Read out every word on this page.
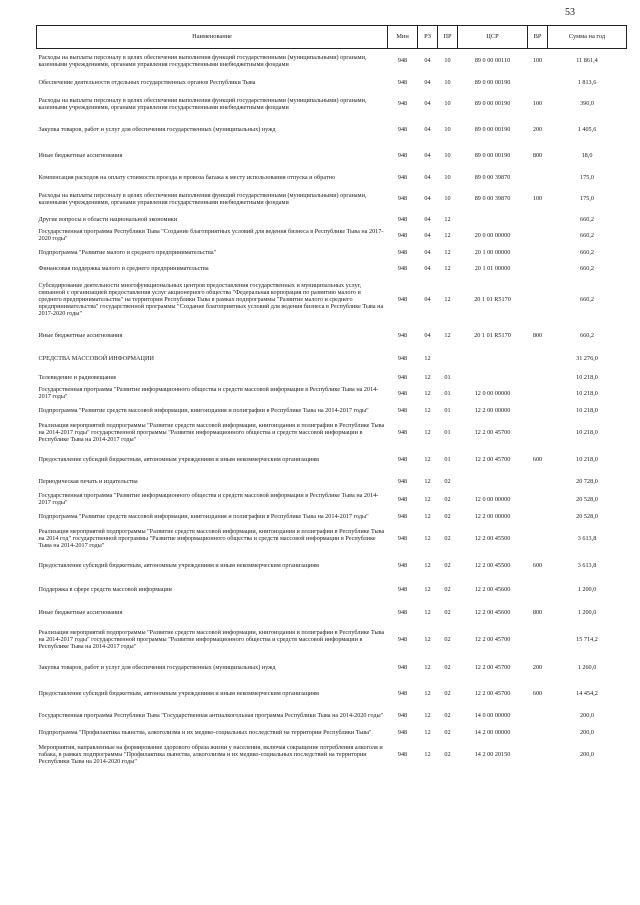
53
Наименование	Мин	РЗ	ПР	ЦСР	ВР	Сумма на год
Расходы на выплаты персоналу в целях обеспечения выполнения функций государственными (муниципальными) органами, казенными учреждениями, органами управления государственными внебюджетными фондами	948	04	10	89 0 00 00110	100	11 861,4
Обеспечение деятельности отдельных государственных органов Республики Тыва	948	04	10	89 0 00 00190		1 813,6
Расходы на выплаты персоналу в целях обеспечения выполнения функций государственными (муниципальными) органами, казенными учреждениями, органами управления государственными внебюджетными фондами	948	04	10	89 0 00 00190	100	390,0
Закупка товаров, работ и услуг для обеспечения государственных (муниципальных) нужд	948	04	10	89 0 00 00190	200	1 405,6
Иные бюджетные ассигнования	948	04	10	89 0 00 00190	800	18,0
Компенсация расходов на оплату стоимости проезда и провоза багажа к месту использования отпуска и обратно	948	04	10	89 0 00 39870		175,0
Расходы на выплаты персоналу в целях обеспечения выполнения функций государственными (муниципальными) органами, казенными учреждениями, органами управления государственными внебюджетными фондами	948	04	10	89 0 00 39870	100	175,0
Другие вопросы в области национальной экономики	948	04	12			660,2
Государственная программа Республики Тыва "Создание благоприятных условий для ведения бизнеса в Республике Тыва на 2017-2020 годы"	948	04	12	20 0 00 00000		660,2
Подпрограмма "Развитие малого и среднего предпринимательства"	948	04	12	20 1 00 00000		660,2
Финансовая поддержка малого и среднего предпринимательства	948	04	12	20 1 01 00000		660,2
Субсидирование деятельности многофункциональных центров предоставления государственных и муниципальных услуг, связанной с организацией предоставления услуг акционерного общества "Федеральная корпорация по развитию малого и среднего предпринимательства" на территории Республики Тыва в рамках подпрограммы "Развитие малого и среднего предпринимательства" государственной программы "Создание благоприятных условий для ведения бизнеса в Республике Тыва на 2017-2020 годы"	948	04	12	20 1 01 R5170		660,2
Иные бюджетные ассигнования	948	04	12	20 1 01 R5170	800	660,2
СРЕДСТВА МАССОВОЙ ИНФОРМАЦИИ	948	12				31 276,0
Телевидение и радиовещание	948	12	01			10 218,0
Государственная программа "Развитие информационного общества и средств массовой информации в Республике Тыва на 2014-2017 годы"	948	12	01	12 0 00 00000		10 218,0
Подпрограмма "Развитие средств массовой информации, книгоиздания и полиграфии в Республике Тыва на 2014-2017 годы"	948	12	01	12 2 00 00000		10 218,0
Реализация мероприятий подпрограммы "Развитие средств массовой информации, книгоиздания и полиграфии в Республике Тыва на 2014-2017 годы" государственной программы "Развитие информационного общества и средств массовой информации в Республике Тыва на 2014-2017 годы"	948	12	01	12 2 00 45700		10 218,0
Предоставление субсидий бюджетным, автономным учреждениям и иным некоммерческим организациям	948	12	01	12 2 00 45700	600	10 218,0
Периодическая печать и издательства	948	12	02			20 728,0
Государственная программа "Развитие информационного общества и средств массовой информации в Республике Тыва на 2014-2017 годы"	948	12	02	12 0 00 00000		20 528,0
Подпрограмма "Развитие средств массовой информации, книгоиздания и полиграфии в Республике Тыва на 2014-2017 годы"	948	12	02	12 2 00 00000		20 528,0
Реализация мероприятий подпрограммы "Развитие средств массовой информации, книгоиздания и полиграфии в Республике Тыва на 2014 год" государственной программы "Развитие информационного общества и средств массовой информации в Республике Тыва на 2014-2017 годы"	948	12	02	12 2 00 45500		3 613,8
Предоставление субсидий бюджетным, автономным учреждениям и иным некоммерческим организациям	948	12	02	12 2 00 45500	600	3 613,8
Поддержка в сфере средств массовой информации	948	12	02	12 2 00 45600		1 200,0
Иные бюджетные ассигнования	948	12	02	12 2 00 45600	800	1 200,0
Реализация мероприятий подпрограммы "Развитие средств массовой информации, книгоиздания и полиграфии в Республике Тыва на 2014-2017 годы" государственной программы "Развитие информационного общества и средств массовой информации в Республике Тыва на 2014-2017 годы"	948	12	02	12 2 00 45700		15 714,2
Закупка товаров, работ и услуг для обеспечения государственных (муниципальных) нужд	948	12	02	12 2 00 45700	200	1 260,0
Предоставление субсидий бюджетным, автономным учреждениям и иным некоммерческим организациям	948	12	02	12 2 00 45700	600	14 454,2
Государственная программа Республики Тыва "Государственная антиалкогольная программа Республики Тыва на 2014-2020 годы"	948	12	02	14 0 00 00000		200,0
Подпрограмма "Профилактика пьянства, алкоголизма и их медико-социальных последствий на территории Республики Тыва"	948	12	02	14 2 00 00000		200,0
Мероприятия, направленные на формирование здорового образа жизни у населения, включая сокращение потребления алкоголя и табака, в рамках подпрограммы "Профилактика пьянства, алкоголизма и их медико-социальных последствий на территории Республики Тыва на 2014-2020 годы"	948	12	02	14 2 00 20150		200,0
